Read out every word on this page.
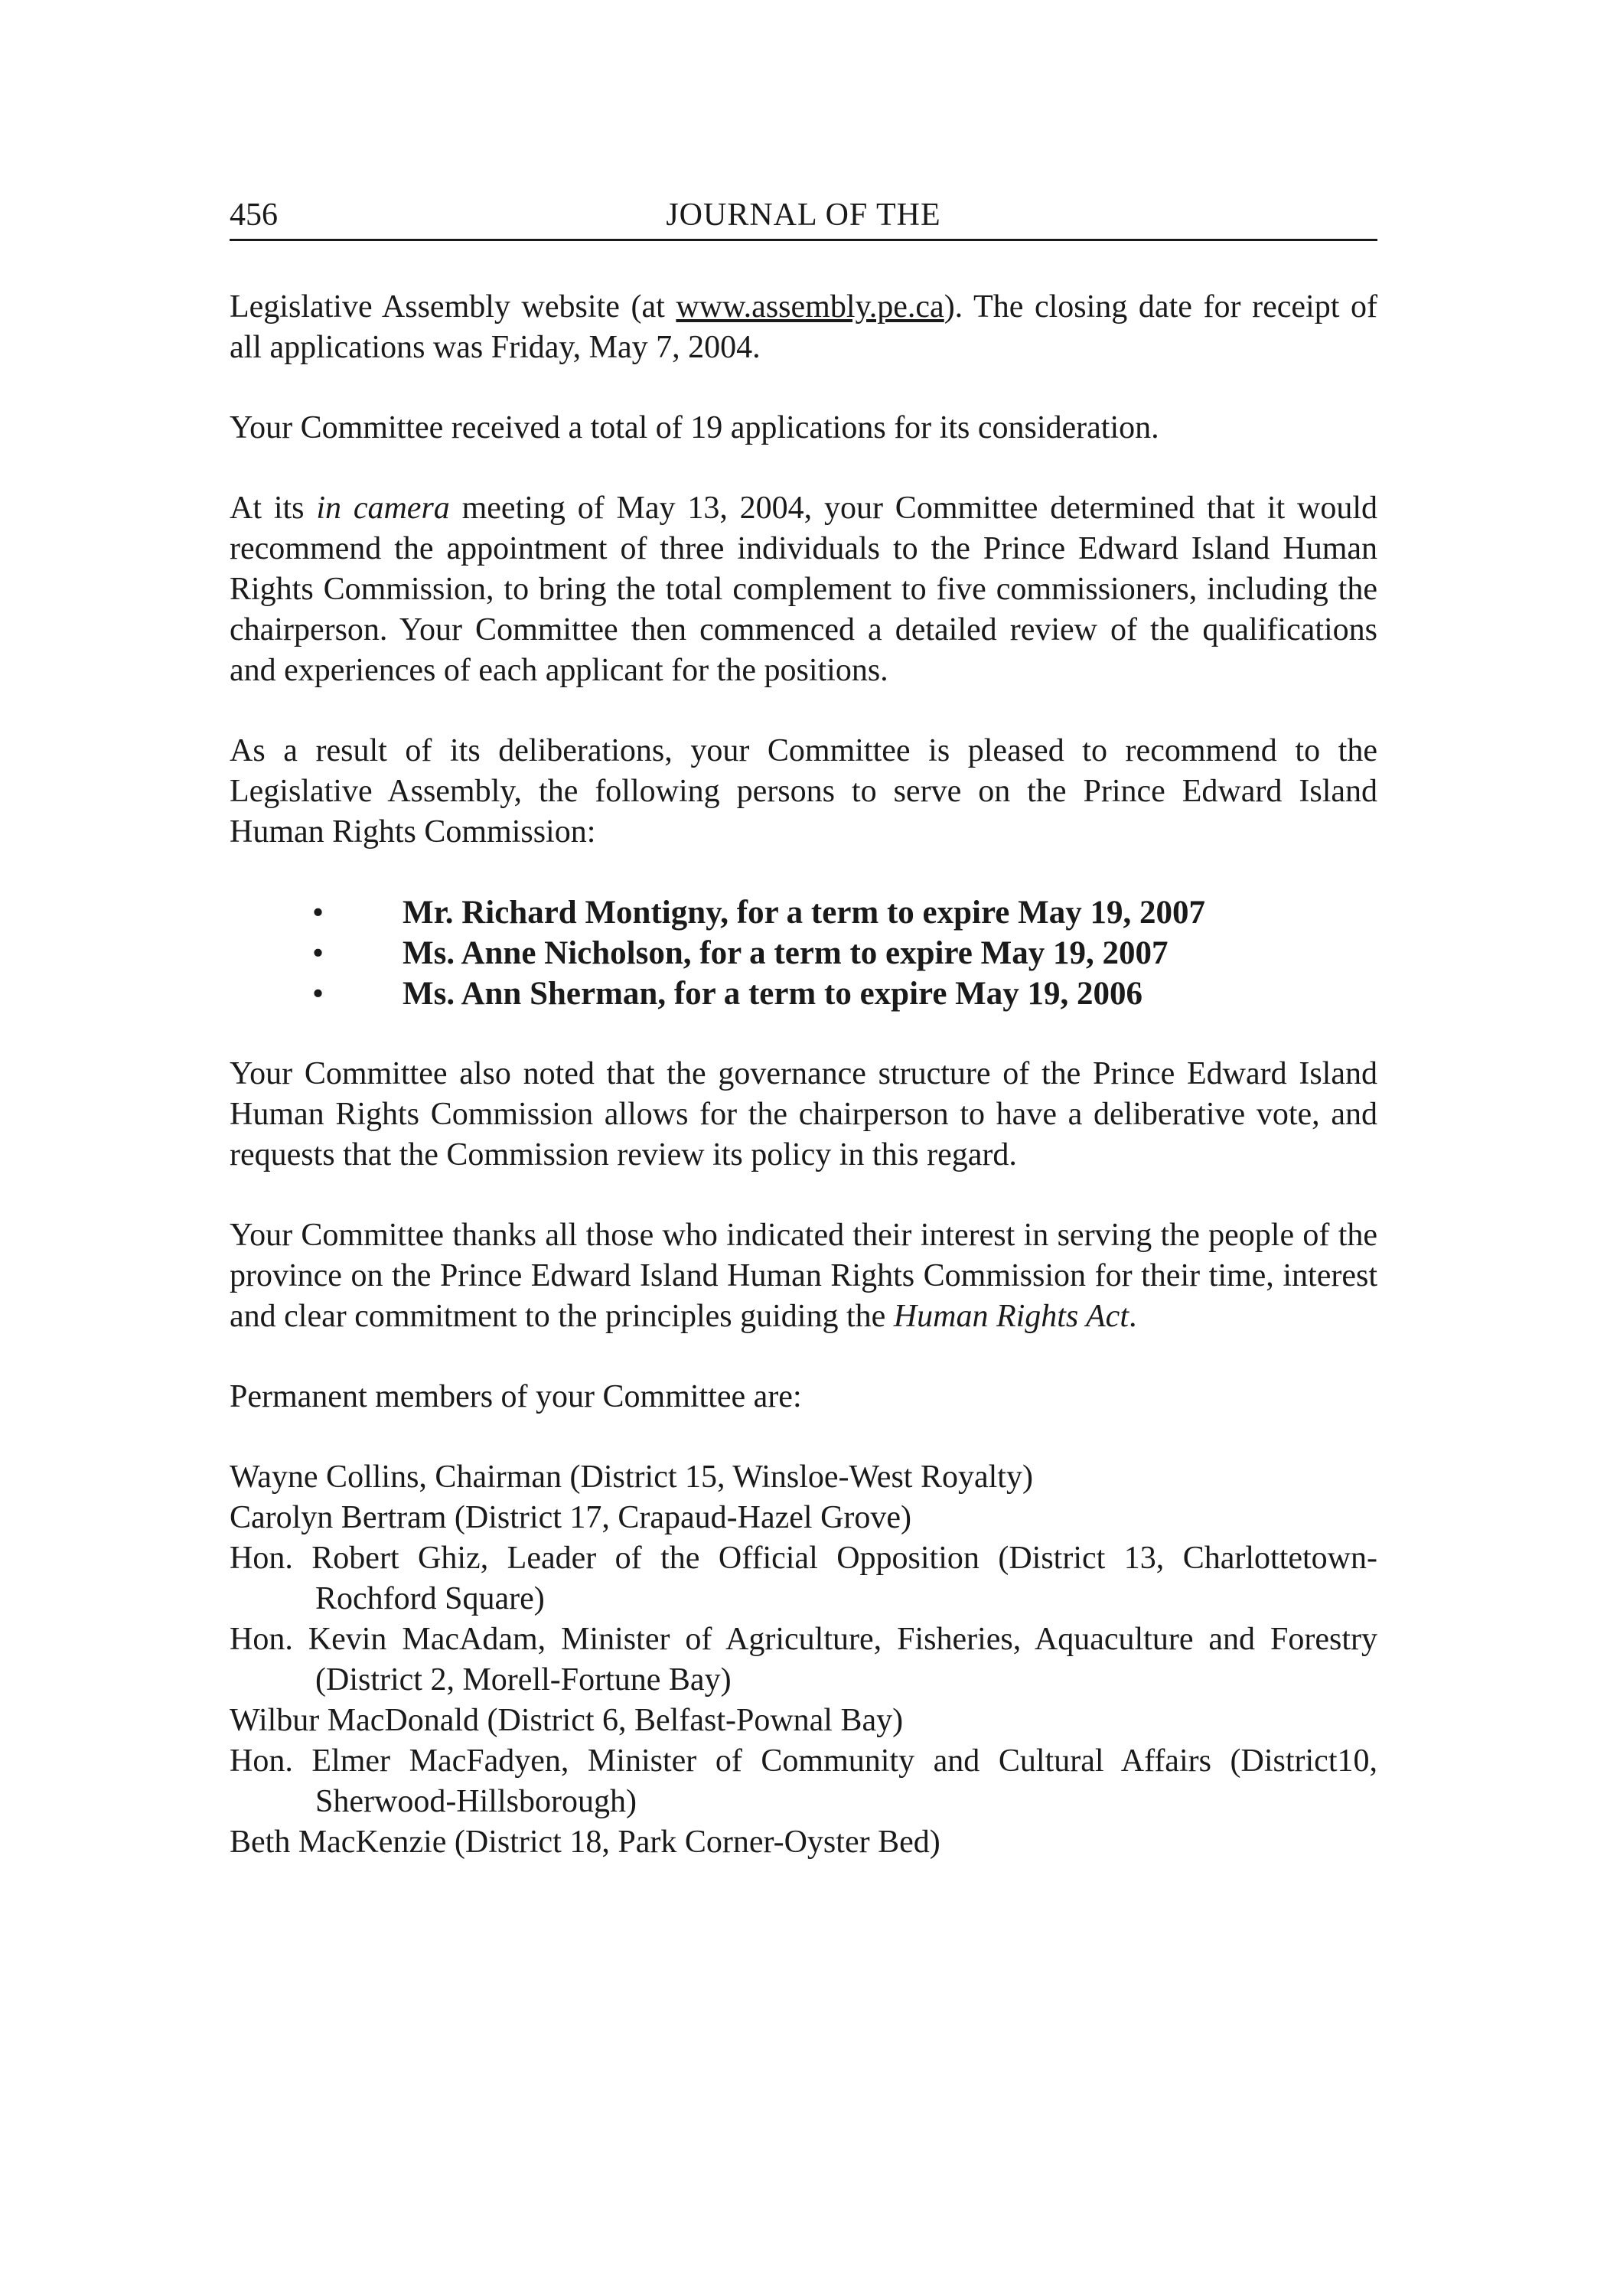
456	JOURNAL OF THE

Legislative Assembly website (at www.assembly.pe.ca). The closing date for receipt of all applications was Friday, May 7, 2004.

Your Committee received a total of 19 applications for its consideration.

At its in camera meeting of May 13, 2004, your Committee determined that it would recommend the appointment of three individuals to the Prince Edward Island Human Rights Commission, to bring the total complement to five commissioners, including the chairperson. Your Committee then commenced a detailed review of the qualifications and experiences of each applicant for the positions.

As a result of its deliberations, your Committee is pleased to recommend to the Legislative Assembly, the following persons to serve on the Prince Edward Island Human Rights Commission:

• Mr. Richard Montigny, for a term to expire May 19, 2007
• Ms. Anne Nicholson, for a term to expire May 19, 2007
• Ms. Ann Sherman, for a term to expire May 19, 2006

Your Committee also noted that the governance structure of the Prince Edward Island Human Rights Commission allows for the chairperson to have a deliberative vote, and requests that the Commission review its policy in this regard.

Your Committee thanks all those who indicated their interest in serving the people of the province on the Prince Edward Island Human Rights Commission for their time, interest and clear commitment to the principles guiding the Human Rights Act.

Permanent members of your Committee are:

Wayne Collins, Chairman (District 15, Winsloe-West Royalty)
Carolyn Bertram (District 17, Crapaud-Hazel Grove)
Hon. Robert Ghiz, Leader of the Official Opposition (District 13, Charlottetown-Rochford Square)
Hon. Kevin MacAdam, Minister of Agriculture, Fisheries, Aquaculture and Forestry (District 2, Morell-Fortune Bay)
Wilbur MacDonald (District 6, Belfast-Pownal Bay)
Hon. Elmer MacFadyen, Minister of Community and Cultural Affairs (District10, Sherwood-Hillsborough)
Beth MacKenzie (District 18, Park Corner-Oyster Bed)
